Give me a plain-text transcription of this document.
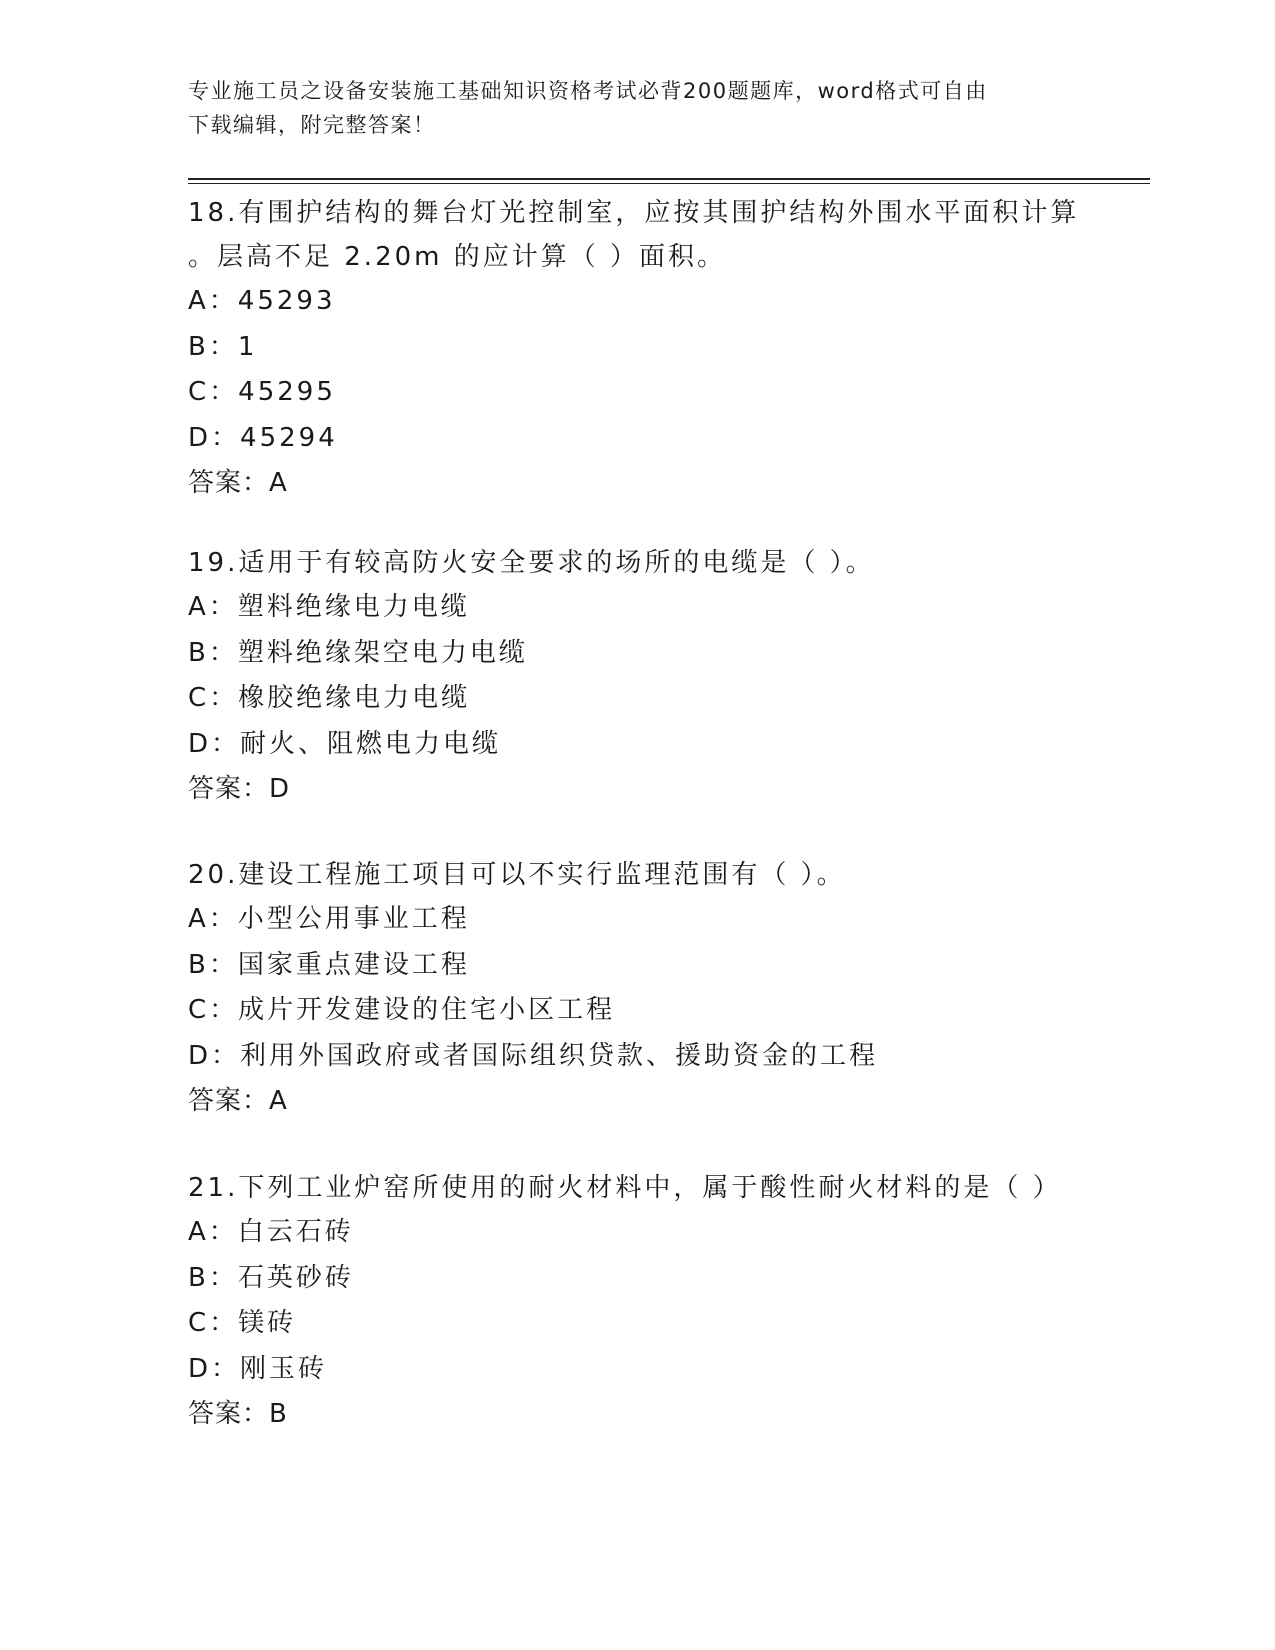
专业施工员之设备安装施工基础知识资格考试必背200题题库，word格式可自由
下载编辑，附完整答案！

18.有围护结构的舞台灯光控制室，应按其围护结构外围水平面积计算

。层高不足 2.20m 的应计算（ ）面积。

A：45293

B：1

C：45295

D：45294

答案：A

19.适用于有较高防火安全要求的场所的电缆是（ ）。

A：塑料绝缘电力电缆

B：塑料绝缘架空电力电缆

C：橡胶绝缘电力电缆

D：耐火、阻燃电力电缆

答案：D

20.建设工程施工项目可以不实行监理范围有（ ）。

A：小型公用事业工程

B：国家重点建设工程

C：成片开发建设的住宅小区工程

D：利用外国政府或者国际组织贷款、援助资金的工程

答案：A

21.下列工业炉窑所使用的耐火材料中，属于酸性耐火材料的是（ ）

A：白云石砖

B：石英砂砖

C：镁砖

D：刚玉砖

答案：B
